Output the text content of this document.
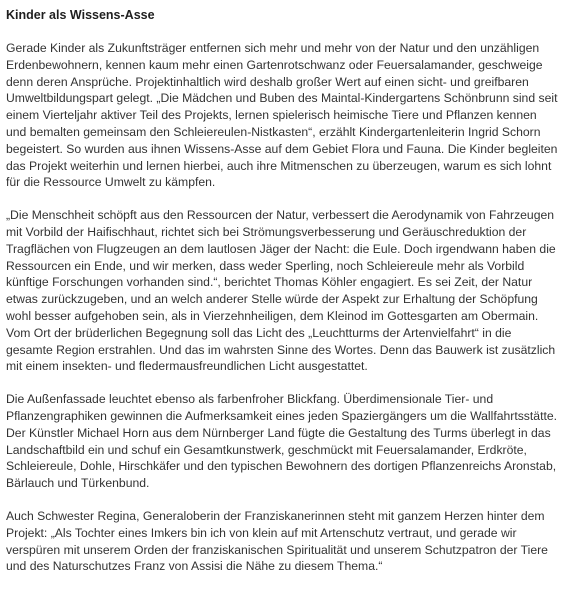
Kinder als Wissens-Asse

Gerade Kinder als Zukunftsträger entfernen sich mehr und mehr von der Natur und den unzähligen Erdenbewohnern, kennen kaum mehr einen Gartenrotschwanz oder Feuersalamander, geschweige denn deren Ansprüche. Projektinhaltlich wird deshalb großer Wert auf einen sicht- und greifbaren Umweltbildungspart gelegt. „Die Mädchen und Buben des Maintal-Kindergartens Schönbrunn sind seit einem Vierteljahr aktiver Teil des Projekts, lernen spielerisch heimische Tiere und Pflanzen kennen und bemalten gemeinsam den Schleiereulen-Nistkasten“, erzählt Kindergartenleiterin Ingrid Schorn begeistert. So wurden aus ihnen Wissens-Asse auf dem Gebiet Flora und Fauna. Die Kinder begleiten das Projekt weiterhin und lernen hierbei, auch ihre Mitmenschen zu überzeugen, warum es sich lohnt für die Ressource Umwelt zu kämpfen.

„Die Menschheit schöpft aus den Ressourcen der Natur, verbessert die Aerodynamik von Fahrzeugen mit Vorbild der Haifischhaut, richtet sich bei Strömungsverbesserung und Geräuschreduktion der Tragflächen von Flugzeugen an dem lautlosen Jäger der Nacht: die Eule. Doch irgendwann haben die Ressourcen ein Ende, und wir merken, dass weder Sperling, noch Schleiereule mehr als Vorbild künftige Forschungen vorhanden sind.“, berichtet Thomas Köhler engagiert. Es sei Zeit, der Natur etwas zurückzugeben, und an welch anderer Stelle würde der Aspekt zur Erhaltung der Schöpfung wohl besser aufgehoben sein, als in Vierzehnheiligen, dem Kleinod im Gottesgarten am Obermain. Vom Ort der brüderlichen Begegnung soll das Licht des „Leuchtturms der Artenvielfahrt“ in die gesamte Region erstrahlen. Und das im wahrsten Sinne des Wortes. Denn das Bauwerk ist zusätzlich mit einem insekten- und fledermausfreundlichen Licht ausgestattet.

Die Außenfassade leuchtet ebenso als farbenfroher Blickfang. Überdimensionale Tier- und Pflanzengraphiken gewinnen die Aufmerksamkeit eines jeden Spaziergängers um die Wallfahrtsstätte. Der Künstler Michael Horn aus dem Nürnberger Land fügte die Gestaltung des Turms überlegt in das Landschaftbild ein und schuf ein Gesamtkunstwerk, geschmückt mit Feuersalamander, Erdkröte, Schleiereule, Dohle, Hirschkäfer und den typischen Bewohnern des dortigen Pflanzenreichs Aronstab, Bärlauch und Türkenbund.

Auch Schwester Regina, Generaloberin der Franziskanerinnen steht mit ganzem Herzen hinter dem Projekt: „Als Tochter eines Imkers bin ich von klein auf mit Artenschutz vertraut, und gerade wir verspüren mit unserem Orden der franziskanischen Spiritualität und unserem Schutzpatron der Tiere und des Naturschutzes Franz von Assisi die Nähe zu diesem Thema.“
